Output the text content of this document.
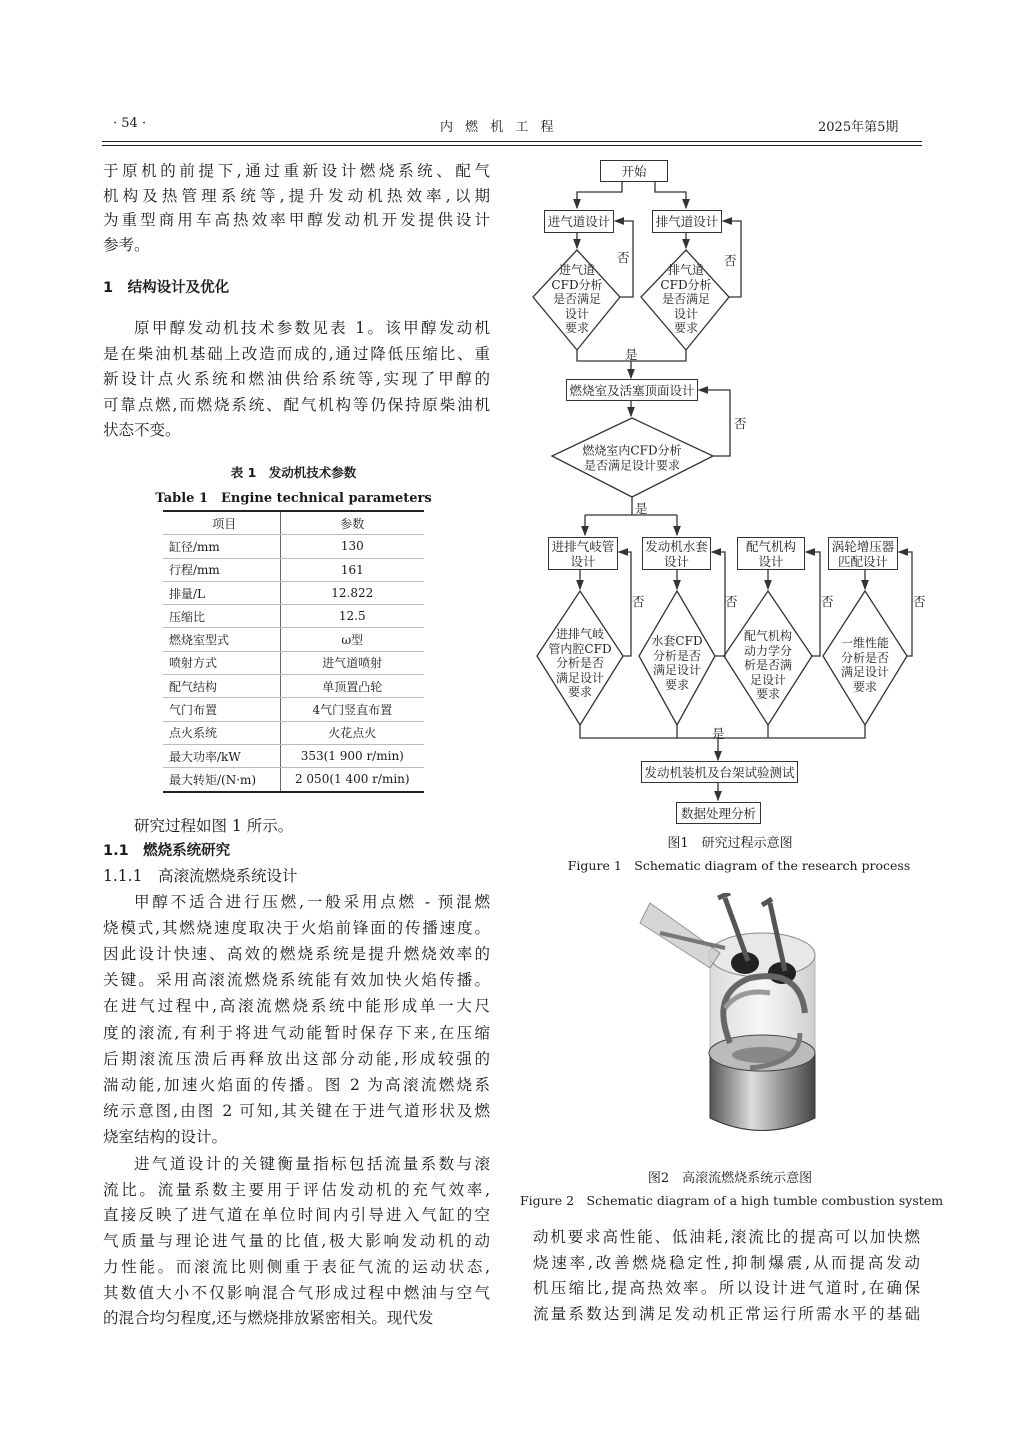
· 54 ·	内 燃 机 工 程	2025年第5期
于原机的前提下,通过重新设计燃烧系统、配气
机构及热管理系统等,提升发动机热效率,以期
为重型商用车高热效率甲醇发动机开发提供设计
参考。
1　结构设计及优化
原甲醇发动机技术参数见表 1。该甲醇发动机
是在柴油机基础上改造而成的,通过降低压缩比、重
新设计点火系统和燃油供给系统等,实现了甲醇的
可靠点燃,而燃烧系统、配气机构等仍保持原柴油机
状态不变。
研究过程如图 1 所示。
1.1　燃烧系统研究
1.1.1　高滚流燃烧系统设计
甲醇不适合进行压燃,一般采用点燃 - 预混燃
烧模式,其燃烧速度取决于火焰前锋面的传播速度。
因此设计快速、高效的燃烧系统是提升燃烧效率的
关键。采用高滚流燃烧系统能有效加快火焰传播。
在进气过程中,高滚流燃烧系统中能形成单一大尺
度的滚流,有利于将进气动能暂时保存下来,在压缩
后期滚流压溃后再释放出这部分动能,形成较强的
湍动能,加速火焰面的传播。图 2 为高滚流燃烧系
统示意图,由图 2 可知,其关键在于进气道形状及燃
烧室结构的设计。
进气道设计的关键衡量指标包括流量系数与滚
流比。流量系数主要用于评估发动机的充气效率,
直接反映了进气道在单位时间内引导进入气缸的空
气质量与理论进气量的比值,极大影响发动机的动
力性能。而滚流比则侧重于表征气流的运动状态,
其数值大小不仅影响混合气形成过程中燃油与空气
的混合均匀程度,还与燃烧排放紧密相关。现代发
表 1　发动机技术参数
Table 1　Engine technical parameters
项目	参数
缸径/mm	130
行程/mm	161
排量/L	12.822
压缩比	12.5
燃烧室型式	ω型
喷射方式	进气道喷射
配气结构	单顶置凸轮
气门布置	4气门竖直布置
点火系统	火花点火
最大功率/kW	353(1 900 r/min)
最大转矩/(N·m)	2 050(1 400 r/min)
开始
进气道设计	排气道设计
进气道
CFD分析
是否满足
设计
要求
排气道
CFD分析
是否满足
设计
要求
燃烧室及活塞顶面设计
燃烧室内CFD分析
是否满足设计要求
进排气岐管
设计
发动机水套
设计
配气机构
设计
涡轮增压器
匹配设计
进排气岐
管内腔CFD
分析是否
满足设计
要求
水套CFD
分析是否
满足设计
要求
配气机构
动力学分
析是否满
足设计
要求
一维性能
分析是否
满足设计
要求
发动机装机及台架试验测试
数据处理分析
否	否
是
否
是
否	否	否	否
是
图1　研究过程示意图
Figure 1　Schematic diagram of the research process
图2　高滚流燃烧系统示意图
Figure 2　Schematic diagram of a high tumble combustion system
动机要求高性能、低油耗,滚流比的提高可以加快燃
烧速率,改善燃烧稳定性,抑制爆震,从而提高发动
机压缩比,提高热效率。所以设计进气道时,在确保
流量系数达到满足发动机正常运行所需水平的基础
